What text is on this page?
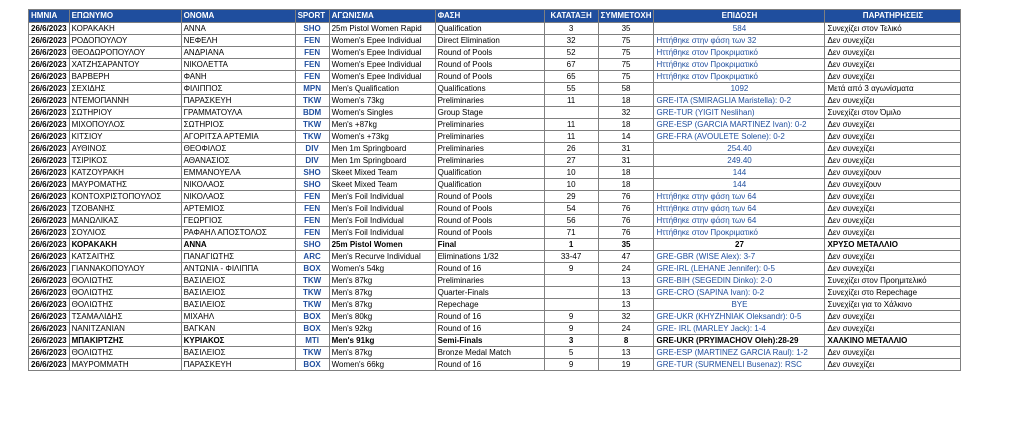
ΗΜΝΙΑ	ΕΠΩΝΥΜΟ	ΟΝΟΜΑ	SPORT	ΑΓΩΝΙΣΜΑ	ΦΑΣΗ	ΚΑΤΑΤΑΞΗ	ΣΥΜΜΕΤΟΧΗ	ΕΠΙΔΟΣΗ	ΠΑΡΑΤΗΡΗΣΕΙΣ
26/6/2023	ΚΟΡΑΚΑΚΗ	ΑΝΝΑ	SHO	25m Pistol Women Rapid	Qualification	3	35	584	Συνεχίζει στον Τελικό
26/6/2023	ΡΟΔΟΠΟΥΛΟΥ	ΝΕΦΕΛΗ	FEN	Women's Epee Individual	Direct Elimination	32	75	Ηττήθηκε στην φάση των 32	Δεν συνεχίζει
26/6/2023	ΘΕΟΔΩΡΟΠΟΥΛΟΥ	ΑΝΔΡΙΑΝΑ	FEN	Women's Epee Individual	Round of Pools	52	75	Ηττήθηκε στον Προκριματικό	Δεν συνεχίζει
26/6/2023	ΧΑΤΖΗΣΑΡΑΝΤΟΥ	ΝΙΚΟΛΕΤΤΑ	FEN	Women's Epee Individual	Round of Pools	67	75	Ηττήθηκε στον Προκριματικό	Δεν συνεχίζει
26/6/2023	ΒΑΡΒΕΡΗ	ΦΑΝΗ	FEN	Women's Epee Individual	Round of Pools	65	75	Ηττήθηκε στον Προκριματικό	Δεν συνεχίζει
26/6/2023	ΣΕΧΙΔΗΣ	ΦΙΛΙΠΠΟΣ	MPN	Men's Qualification	Qualifications	55	58	1092	Μετά από 3 αγωνίσματα
26/6/2023	ΝΤΕΜΟΠΑΝΝΗ	ΠΑΡΑΣΚΕΥΗ	TKW	Women's 73kg	Preliminaries	11	18	GRE-ITA (SMIRAGLIA Maristella): 0-2	Δεν συνεχίζει
26/6/2023	ΣΩΤΗΡΙΟΥ	ΓΡΑΜΜΑΤΟΥΛΑ	BDM	Women's Singles	Group Stage		32	GRE-TUR (YIGIT Neslihan)	Συνεχίζει στον Όμιλο
26/6/2023	ΜΙΧΟΠΟΥΛΟΣ	ΣΩΤΗΡΙΟΣ	TKW	Men's +87kg	Preliminaries	11	18	GRE-ESP (GARCIA MARTINEZ Ivan): 0-2	Δεν συνεχίζει
26/6/2023	ΚΙΤΣΙΟΥ	ΑΓΟΡΙΤΣΑ ΑΡΤΕΜΙΑ	TKW	Women's +73kg	Preliminaries	11	14	GRE-FRA (AVOULETE Solene): 0-2	Δεν συνεχίζει
26/6/2023	ΑΥΘΙΝΟΣ	ΘΕΟΦΙΛΟΣ	DIV	Men 1m Springboard	Preliminaries	26	31	254.40	Δεν συνεχίζει
26/6/2023	ΤΣΙΡΙΚΟΣ	ΑΘΑΝΑΣΙΟΣ	DIV	Men 1m Springboard	Preliminaries	27	31	249.40	Δεν συνεχίζει
26/6/2023	ΚΑΤΖΟΥΡΑΚΗ	ΕΜΜΑΝΟΥΕΛΑ	SHO	Skeet Mixed Team	Qualification	10	18	144	Δεν συνεχίζουν
26/6/2023	ΜΑΥΡΟΜΑΤΗΣ	ΝΙΚΟΛΑΟΣ	SHO	Skeet Mixed Team	Qualification	10	18	144	Δεν συνεχίζουν
26/6/2023	ΚΟΝΤΟΧΡΙΣΤΟΠΟΥΛΟΣ	ΝΙΚΟΛΑΟΣ	FEN	Men's Foil Individual	Round of Pools	29	76	Ηττήθηκε στην φάση των 64	Δεν συνεχίζει
26/6/2023	ΤΖΟΒΑΝΗΣ	ΑΡΤΕΜΙΟΣ	FEN	Men's Foil Individual	Round of Pools	54	76	Ηττήθηκε στην φάση των 64	Δεν συνεχίζει
26/6/2023	ΜΑΝΩΛΙΚΑΣ	ΓΕΩΡΓΙΟΣ	FEN	Men's Foil Individual	Round of Pools	56	76	Ηττήθηκε στην φάση των 64	Δεν συνεχίζει
26/6/2023	ΣΟΥΛΙΟΣ	ΡΑΦΑΗΛ ΑΠΟΣΤΟΛΟΣ	FEN	Men's Foil Individual	Round of Pools	71	76	Ηττήθηκε στον Προκριματικό	Δεν συνεχίζει
26/6/2023	ΚΟΡΑΚΑΚΗ	ΑΝΝΑ	SHO	25m Pistol Women	Final	1	35	27	ΧΡΥΣΟ ΜΕΤΑΛΛΙΟ
26/6/2023	ΚΑΤΣΑΙΤΗΣ	ΠΑΝΑΓΙΩΤΗΣ	ARC	Men's Recurve Individual	Eliminations 1/32	33-47	47	GRE-GBR (WISE Alex): 3-7	Δεν συνεχίζει
26/6/2023	ΓΙΑΝΝΑΚΟΠΟΥΛΟΥ	ΑΝΤΩΝΙΑ - ΦΙΛΙΠΠΑ	BOX	Women's 54kg	Round of 16	9	24	GRE-IRL (LEHANE Jennifer): 0-5	Δεν συνεχίζει
26/6/2023	ΘΟΛΙΩΤΗΣ	ΒΑΣΙΛΕΙΟΣ	TKW	Men's 87kg	Preliminaries		13	GRE-BIH (SEGEDIN Dinko): 2-0	Συνεχίζει στον Προημιτελικό
26/6/2023	ΘΟΛΙΩΤΗΣ	ΒΑΣΙΛΕΙΟΣ	TKW	Men's 87kg	Quarter-Finals		13	GRE-CRO (SAPINA Ivan): 0-2	Συνεχίζει στο Repechage
26/6/2023	ΘΟΛΙΩΤΗΣ	ΒΑΣΙΛΕΙΟΣ	TKW	Men's 87kg	Repechage		13	BYE	Συνεχίζει για το Χάλκινο
26/6/2023	ΤΣΑΜΑΛΙΔΗΣ	ΜΙΧΑΗΛ	BOX	Men's 80kg	Round of 16	9	32	GRE-UKR (KHYZHNIAK Oleksandr): 0-5	Δεν συνεχίζει
26/6/2023	ΝΑΝΙΤΖΑΝΙΑΝ	ΒΑΓΚΑΝ	BOX	Men's 92kg	Round of 16	9	24	GRE- IRL (MARLEY Jack): 1-4	Δεν συνεχίζει
26/6/2023	ΜΠΑΚΙΡΤΖΗΣ	ΚΥΡΙΑΚΟΣ	MTI	Men's 91kg	Semi-Finals	3	8	GRE-UKR (PRYIMACHOV Oleh):28-29	ΧΑΛΚΙΝΟ ΜΕΤΑΛΛΙΟ
26/6/2023	ΘΟΛΙΩΤΗΣ	ΒΑΣΙΛΕΙΟΣ	TKW	Men's 87kg	Bronze Medal Match	5	13	GRE-ESP (MARTINEZ GARCIA Raul): 1-2	Δεν συνεχίζει
26/6/2023	ΜΑΥΡΟΜΜΑΤΗ	ΠΑΡΑΣΚΕΥΗ	BOX	Women's 66kg	Round of 16	9	19	GRE-TUR (SURMENELI Busenaz): RSC	Δεν συνεχίζει
